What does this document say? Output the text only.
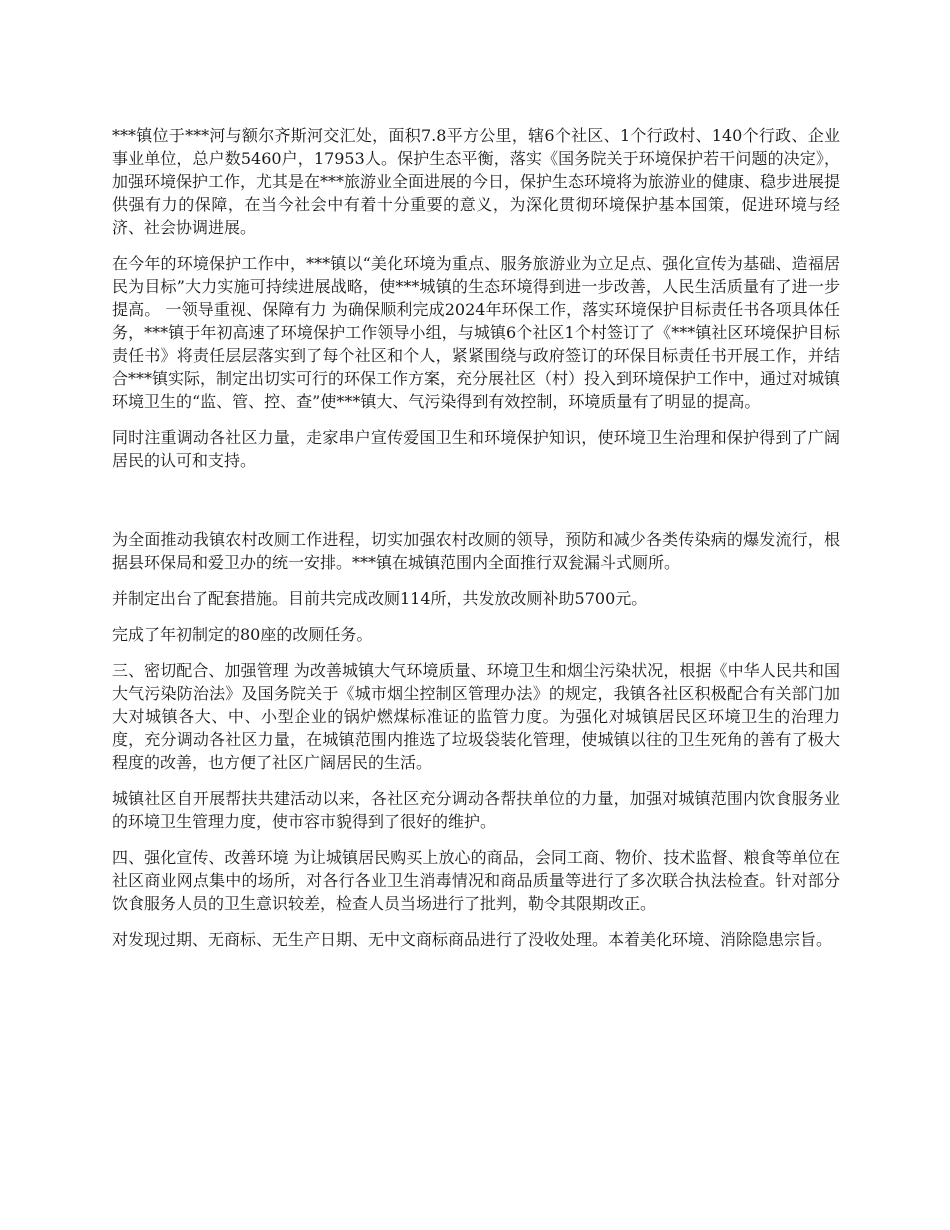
***镇位于***河与额尔齐斯河交汇处，面积7.8平方公里，辖6个社区、1个行政村、140个行政、企业事业单位，总户数5460户，17953人。保护生态平衡，落实《国务院关于环境保护若干问题的决定》，加强环境保护工作，尤其是在***旅游业全面进展的今日，保护生态环境将为旅游业的健康、稳步进展提供强有力的保障，在当今社会中有着十分重要的意义，为深化贯彻环境保护基本国策，促进环境与经济、社会协调进展。

在今年的环境保护工作中，***镇以“美化环境为重点、服务旅游业为立足点、强化宣传为基础、造福居民为目标”大力实施可持续进展战略，使***城镇的生态环境得到进一步改善，人民生活质量有了进一步提高。 一领导重视、保障有力 为确保顺利完成2024年环保工作，落实环境保护目标责任书各项具体任务，***镇于年初高速了环境保护工作领导小组，与城镇6个社区1个村签订了《***镇社区环境保护目标责任书》将责任层层落实到了每个社区和个人，紧紧围绕与政府签订的环保目标责任书开展工作，并结合***镇实际，制定出切实可行的环保工作方案，充分展社区（村）投入到环境保护工作中，通过对城镇环境卫生的“监、管、控、查”使***镇大、气污染得到有效控制，环境质量有了明显的提高。

同时注重调动各社区力量，走家串户宣传爱国卫生和环境保护知识，使环境卫生治理和保护得到了广阔居民的认可和支持。

为全面推动我镇农村改厕工作进程，切实加强农村改厕的领导，预防和减少各类传染病的爆发流行，根据县环保局和爱卫办的统一安排。***镇在城镇范围内全面推行双瓮漏斗式厕所。

并制定出台了配套措施。目前共完成改厕114所，共发放改厕补助5700元。

完成了年初制定的80座的改厕任务。

三、密切配合、加强管理 为改善城镇大气环境质量、环境卫生和烟尘污染状况，根据《中华人民共和国大气污染防治法》及国务院关于《城市烟尘控制区管理办法》的规定，我镇各社区积极配合有关部门加大对城镇各大、中、小型企业的锅炉燃煤标准证的监管力度。为强化对城镇居民区环境卫生的治理力度，充分调动各社区力量，在城镇范围内推选了垃圾袋装化管理，使城镇以往的卫生死角的善有了极大程度的改善，也方便了社区广阔居民的生活。

城镇社区自开展帮扶共建活动以来，各社区充分调动各帮扶单位的力量，加强对城镇范围内饮食服务业的环境卫生管理力度，使市容市貌得到了很好的维护。

四、强化宣传、改善环境 为让城镇居民购买上放心的商品，会同工商、物价、技术监督、粮食等单位在社区商业网点集中的场所，对各行各业卫生消毒情况和商品质量等进行了多次联合执法检查。针对部分饮食服务人员的卫生意识较差，检查人员当场进行了批判，勒令其限期改正。

对发现过期、无商标、无生产日期、无中文商标商品进行了没收处理。本着美化环境、消除隐患宗旨。
